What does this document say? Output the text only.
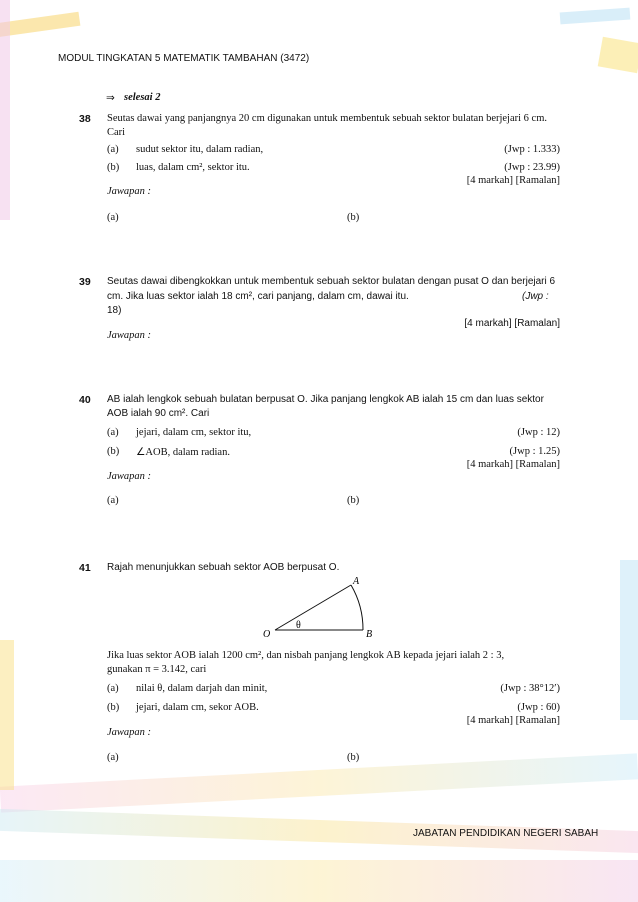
MODUL TINGKATAN 5 MATEMATIK TAMBAHAN (3472)
⇒ selesai 2
38 Seutas dawai yang panjangnya 20 cm digunakan untuk membentuk sebuah sektor bulatan berjejari 6 cm.
Cari
(a) sudut sektor itu, dalam radian,	(Jwp : 1.333)
(b) luas, dalam cm², sektor itu.	(Jwp : 23.99)
[4 markah] [Ramalan]
Jawapan :
(a)	(b)
39 Seutas dawai dibengkokkan untuk membentuk sebuah sektor bulatan dengan pusat O dan berjejari 6
cm. Jika luas sektor ialah 18 cm², cari panjang, dalam cm, dawai itu.	(Jwp :
18)
[4 markah] [Ramalan]
Jawapan :
40 AB ialah lengkok sebuah bulatan berpusat O. Jika panjang lengkok AB ialah 15 cm dan luas sektor
AOB ialah 90 cm². Cari
(a) jejari, dalam cm, sektor itu,	(Jwp : 12)
(b) ∠AOB, dalam radian.	(Jwp : 1.25)
[4 markah] [Ramalan]
Jawapan :
(a)	(b)
41 Rajah menunjukkan sebuah sektor AOB berpusat O.
A
O	B
θ
Jika luas sektor AOB ialah 1200 cm², dan nisbah panjang lengkok AB kepada jejari ialah 2 : 3,
gunakan π = 3.142, cari
(a) nilai θ, dalam darjah dan minit,	(Jwp : 38°12′)
(b) jejari, dalam cm, sekor AOB.	(Jwp : 60)
[4 markah] [Ramalan]
Jawapan :
(a)	(b)
JABATAN PENDIDIKAN NEGERI SABAH
